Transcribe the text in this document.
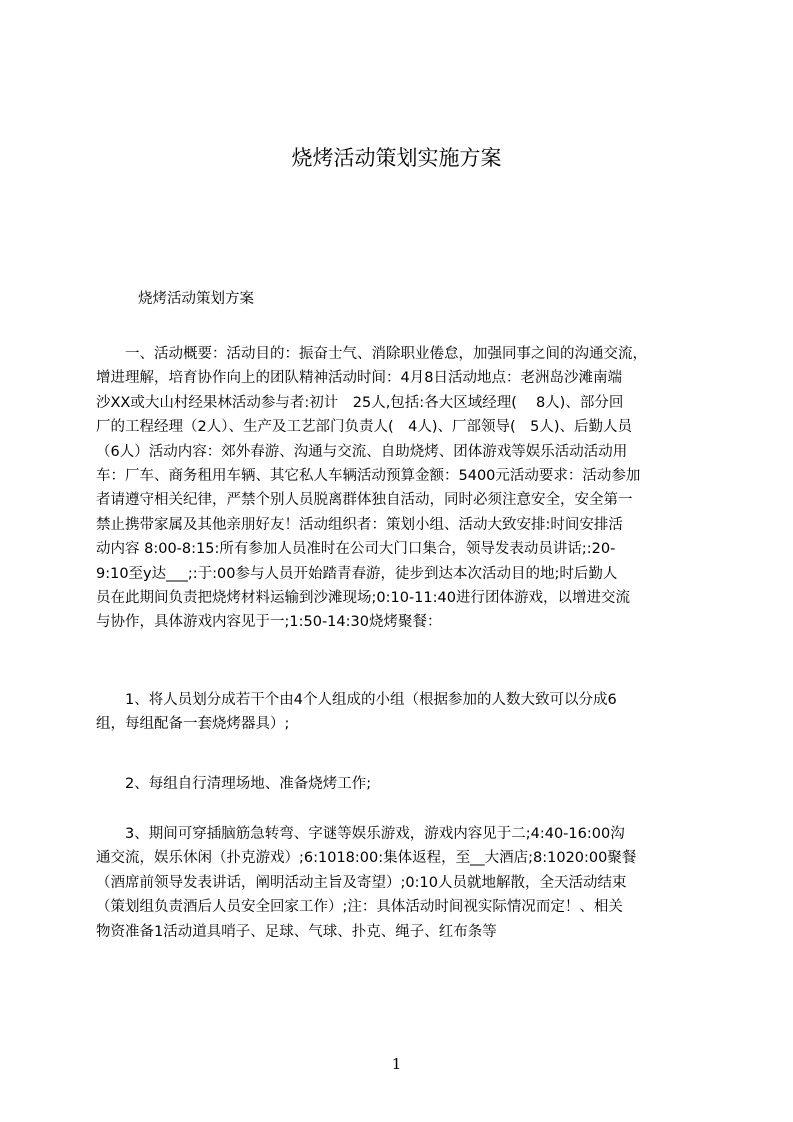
烧烤活动策划实施方案
烧烤活动策划方案
　　一、活动概要：活动目的：振奋士气、消除职业倦怠，加强同事之间的沟通交流，
增进理解，培育协作向上的团队精神活动时间：4月8日活动地点：老洲岛沙滩南端
沙XX或大山村经果林活动参与者:初计　25人,包括:各大区域经理(　 8人)、部分回
厂的工程经理（2人）、生产及工艺部门负责人(　4人)、厂部领导(　5人)、后勤人员
（6人）活动内容：郊外春游、沟通与交流、自助烧烤、团体游戏等娱乐活动活动用
车：厂车、商务租用车辆、其它私人车辆活动预算金额：5400元活动要求：活动参加
者请遵守相关纪律，严禁个别人员脱离群体独自活动，同时必须注意安全，安全第一
禁止携带家属及其他亲朋好友！活动组织者：策划小组、活动大致安排:时间安排活
动内容 8:00-8:15:所有参加人员准时在公司大门口集合，领导发表动员讲话;:20-
9:10至y达___;:于:00参与人员开始踏青春游，徒步到达本次活动目的地;时后勤人
员在此期间负责把烧烤材料运输到沙滩现场;0:10-11:40进行团体游戏，以增进交流
与协作，具体游戏内容见于一;1:50-14:30烧烤聚餐：
　　1、将人员划分成若干个由4个人组成的小组（根据参加的人数大致可以分成6
组，每组配备一套烧烤器具）;
　　2、每组自行清理场地、准备烧烤工作;
　　3、期间可穿插脑筋急转弯、字谜等娱乐游戏，游戏内容见于二;4:40-16:00沟
通交流，娱乐休闲（扑克游戏）;6:1018:00:集体返程，至__大酒店;8:1020:00聚餐
（酒席前领导发表讲话，阐明活动主旨及寄望）;0:10人员就地解散，全天活动结束
（策划组负责酒后人员安全回家工作）;注：具体活动时间视实际情况而定！、相关
物资准备1活动道具哨子、足球、气球、扑克、绳子、红布条等
1
